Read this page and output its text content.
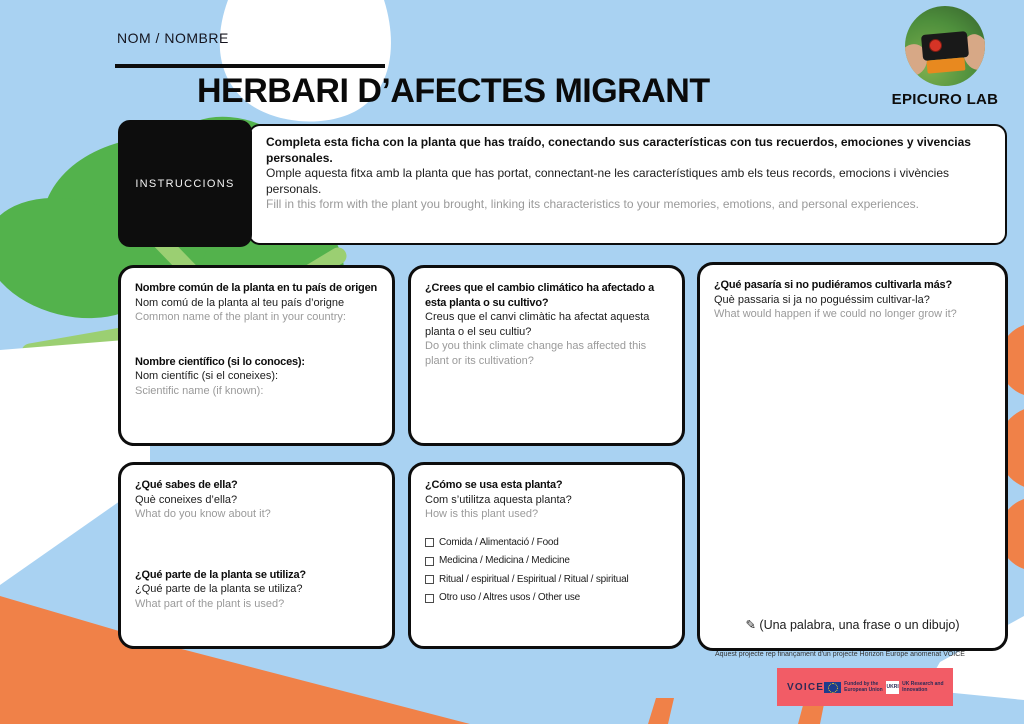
NOM / NOMBRE
HERBARI D’AFECTES MIGRANT	EPICURO LAB
INSTRUCCIONS

Completa esta ficha con la planta que has traído, conectando sus características con tus recuerdos, emociones y vivencias personales.

Omple aquesta fitxa amb la planta que has portat, connectant-ne les característiques amb els teus records, emocions i vivències personals.

Fill in this form with the plant you brought, linking its characteristics to your memories, emotions, and personal experiences.

Nombre común de la planta en tu país de origen

Nom comú de la planta al teu país d’origne

Common name of the plant in your country:

Nombre científico (si lo conoces):

Nom científic (si el coneixes):

Scientific name (if known):

¿Crees que el cambio climático ha afectado a esta planta o su cultivo?

Creus que el canvi climàtic ha afectat aquesta planta o el seu cultiu?

Do you think climate change has affected this plant or its cultivation?

¿Qué pasaría si no pudiéramos cultivarla más?

Què passaria si ja no poguéssim cultivar-la?

What would happen if we could no longer grow it?

✎ (Una palabra, una frase o un dibujo)

¿Qué sabes de ella?

Què coneixes d’ella?

What do you know about it?

¿Qué parte de la planta se utiliza?

¿Qué parte de la planta se utiliza?

What part of the plant is used?

¿Cómo se usa esta planta?

Com s’utilitza aquesta planta?

How is this plant used?

Comida / Alimentació / Food
Medicina / Medicina / Medicine
Ritual / espiritual / Espiritual / Ritual / spiritual
Otro uso / Altres usos / Other use
Aquest projecte rep finançament d'un projecte Horizon Europe anomenat VOICE
VOICE	Funded by the European Union UKRI UK Research and Innovation
